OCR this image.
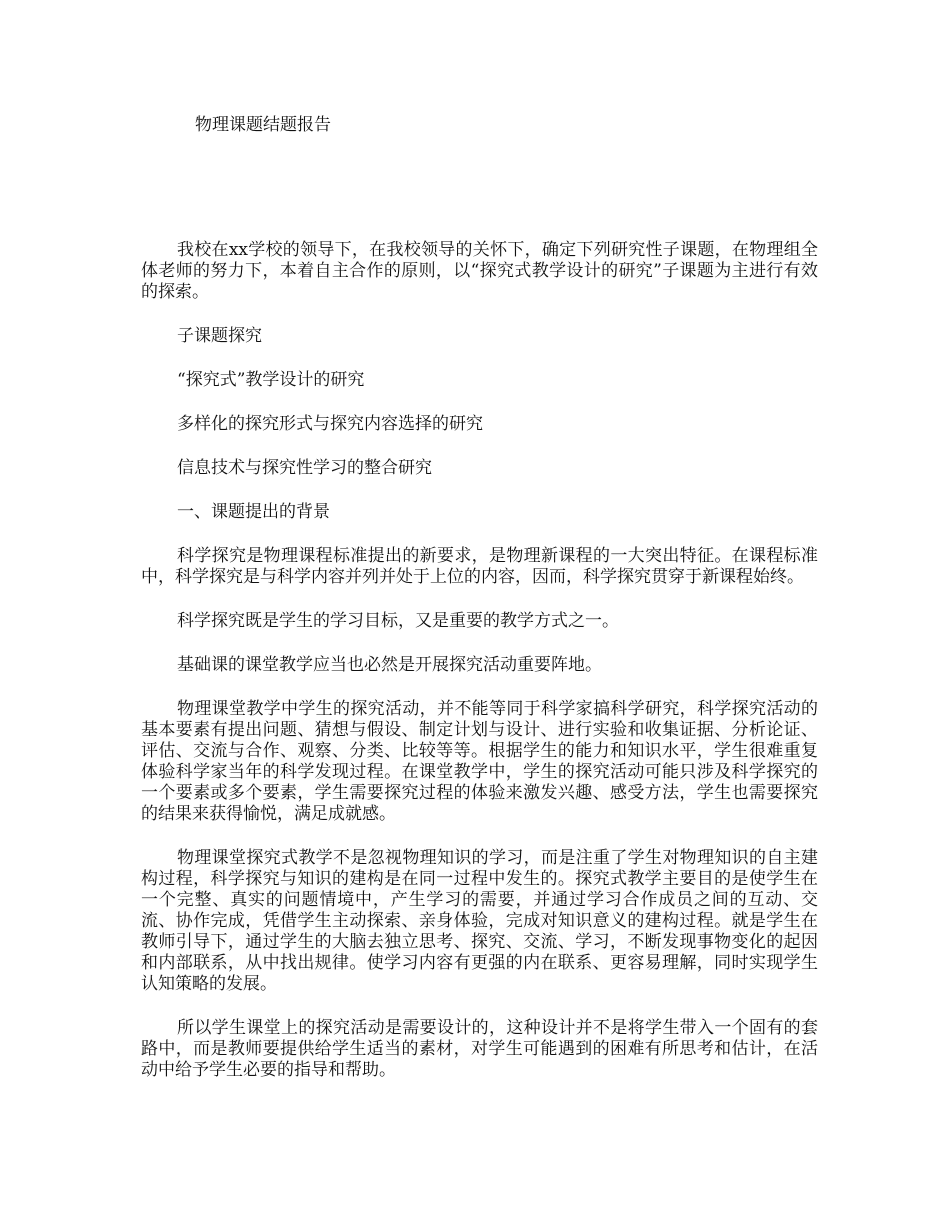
物理课题结题报告

我校在xx学校的领导下，在我校领导的关怀下，确定下列研究性子课题，在物理组全体老师的努力下，本着自主合作的原则，以“探究式教学设计的研究”子课题为主进行有效的探索。

子课题探究

“探究式”教学设计的研究

多样化的探究形式与探究内容选择的研究

信息技术与探究性学习的整合研究

一、课题提出的背景

科学探究是物理课程标准提出的新要求，是物理新课程的一大突出特征。在课程标准中，科学探究是与科学内容并列并处于上位的内容，因而，科学探究贯穿于新课程始终。

科学探究既是学生的学习目标，又是重要的教学方式之一。

基础课的课堂教学应当也必然是开展探究活动重要阵地。

物理课堂教学中学生的探究活动，并不能等同于科学家搞科学研究，科学探究活动的基本要素有提出问题、猜想与假设、制定计划与设计、进行实验和收集证据、分析论证、评估、交流与合作、观察、分类、比较等等。根据学生的能力和知识水平，学生很难重复体验科学家当年的科学发现过程。在课堂教学中，学生的探究活动可能只涉及科学探究的一个要素或多个要素，学生需要探究过程的体验来激发兴趣、感受方法，学生也需要探究的结果来获得愉悦，满足成就感。

物理课堂探究式教学不是忽视物理知识的学习，而是注重了学生对物理知识的自主建构过程，科学探究与知识的建构是在同一过程中发生的。探究式教学主要目的是使学生在一个完整、真实的问题情境中，产生学习的需要，并通过学习合作成员之间的互动、交流、协作完成，凭借学生主动探索、亲身体验，完成对知识意义的建构过程。就是学生在教师引导下，通过学生的大脑去独立思考、探究、交流、学习，不断发现事物变化的起因和内部联系，从中找出规律。使学习内容有更强的内在联系、更容易理解，同时实现学生认知策略的发展。

所以学生课堂上的探究活动是需要设计的，这种设计并不是将学生带入一个固有的套路中，而是教师要提供给学生适当的素材，对学生可能遇到的困难有所思考和估计，在活动中给予学生必要的指导和帮助。
